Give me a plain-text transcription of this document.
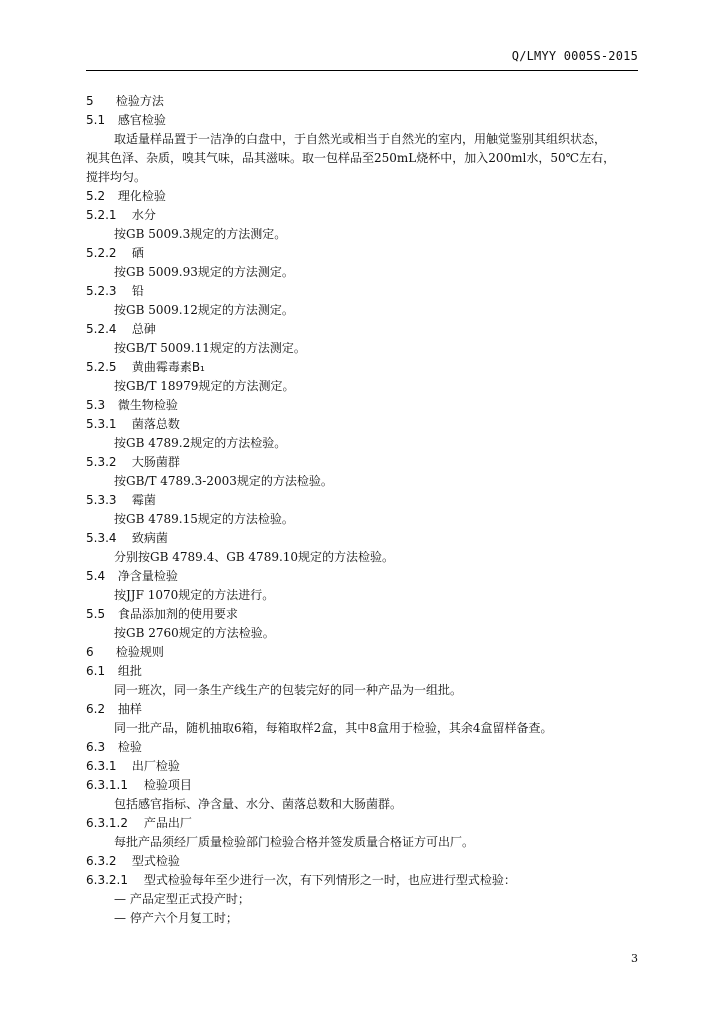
Q/LMYY 0005S-2015
5 检验方法
5.1 感官检验
取适量样品置于一洁净的白盘中，于自然光或相当于自然光的室内，用触觉鉴别其组织状态，
视其色泽、杂质，嗅其气味，品其滋味。取一包样品至250mL烧杯中，加入200ml水，50℃左右，
搅拌均匀。
5.2 理化检验
5.2.1 水分
按GB 5009.3规定的方法测定。
5.2.2 硒
按GB 5009.93规定的方法测定。
5.2.3 铅
按GB 5009.12规定的方法测定。
5.2.4 总砷
按GB/T 5009.11规定的方法测定。
5.2.5 黄曲霉毒素B₁
按GB/T 18979规定的方法测定。
5.3 微生物检验
5.3.1 菌落总数
按GB 4789.2规定的方法检验。
5.3.2 大肠菌群
按GB/T 4789.3-2003规定的方法检验。
5.3.3 霉菌
按GB 4789.15规定的方法检验。
5.3.4 致病菌
分别按GB 4789.4、GB 4789.10规定的方法检验。
5.4 净含量检验
按JJF 1070规定的方法进行。
5.5 食品添加剂的使用要求
按GB 2760规定的方法检验。
6 检验规则
6.1 组批
同一班次，同一条生产线生产的包装完好的同一种产品为一组批。
6.2 抽样
同一批产品，随机抽取6箱，每箱取样2盒，其中8盒用于检验，其余4盒留样备查。
6.3 检验
6.3.1 出厂检验
6.3.1.1 检验项目
包括感官指标、净含量、水分、菌落总数和大肠菌群。
6.3.1.2 产品出厂
每批产品须经厂质量检验部门检验合格并签发质量合格证方可出厂。
6.3.2 型式检验
6.3.2.1 型式检验每年至少进行一次，有下列情形之一时，也应进行型式检验：
— 产品定型正式投产时；
— 停产六个月复工时；
3
